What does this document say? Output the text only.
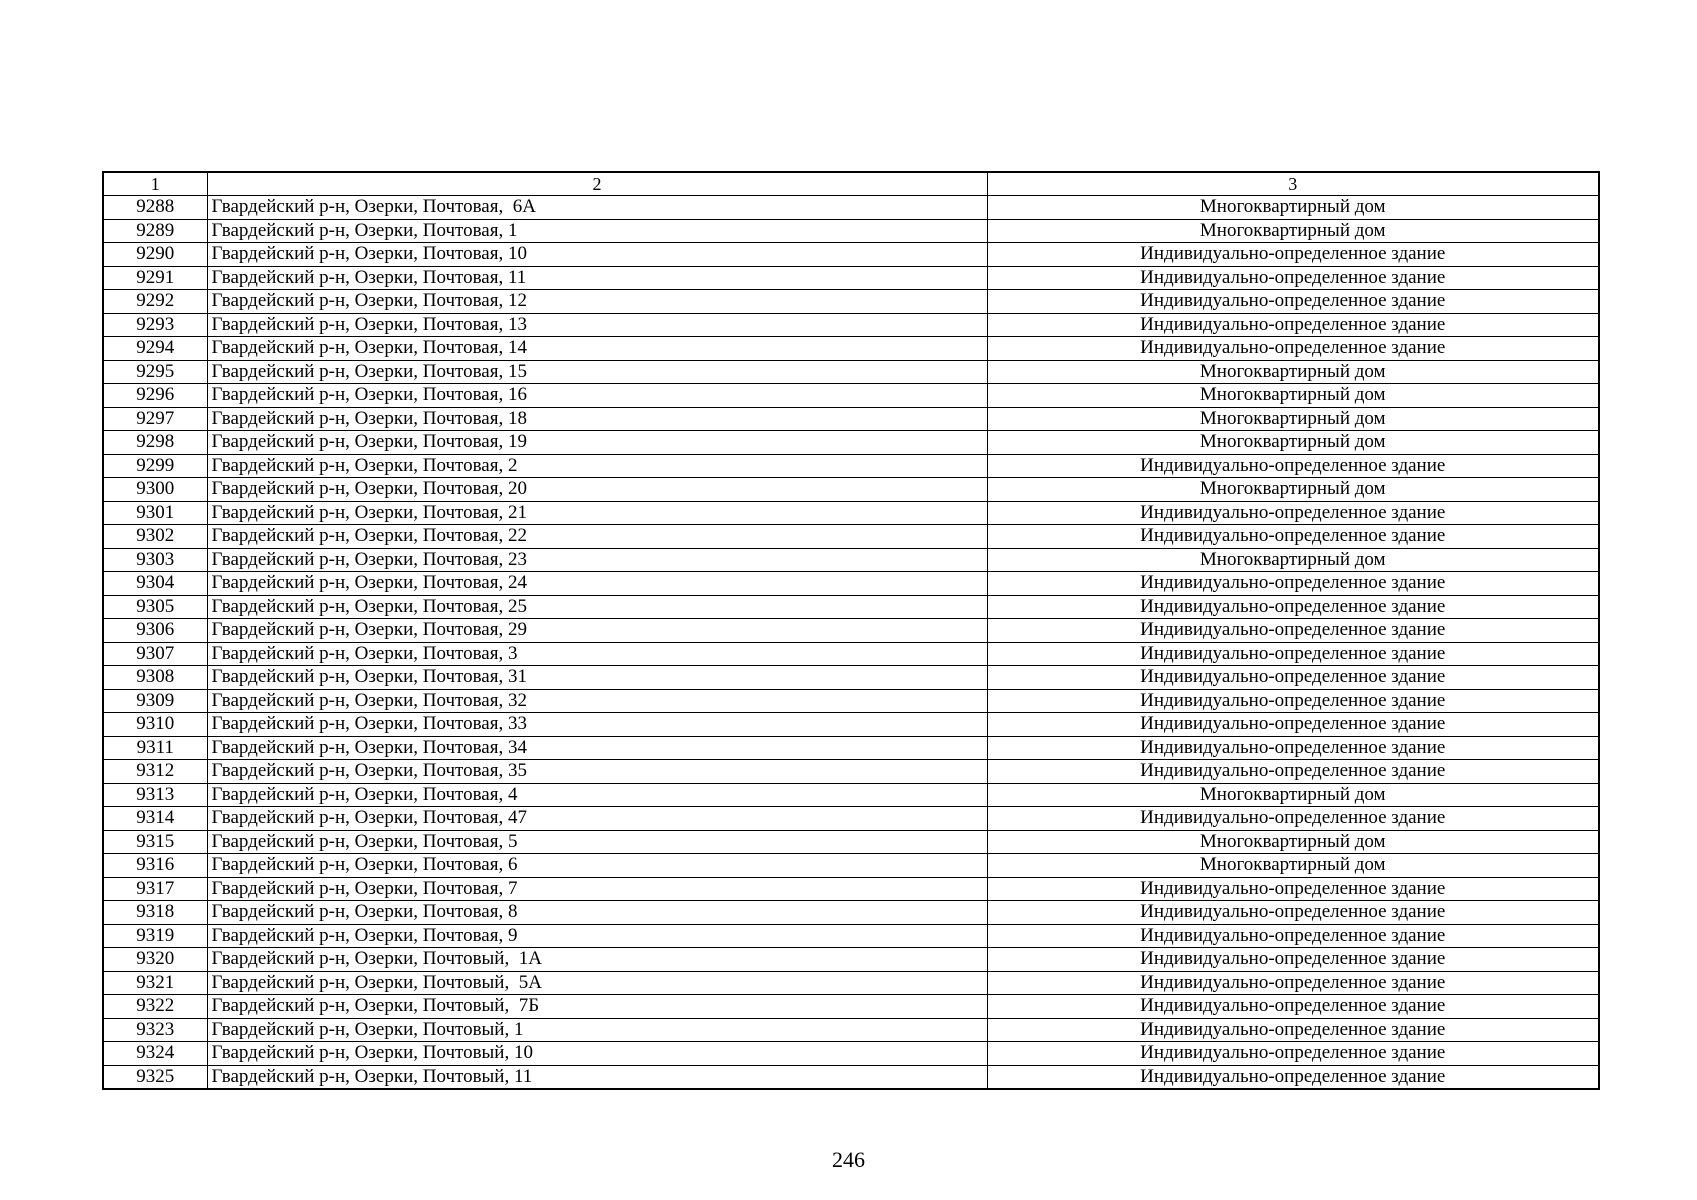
1	2	3
9288	Гвардейский р-н, Озерки, Почтовая,  6А	Многоквартирный дом
9289	Гвардейский р-н, Озерки, Почтовая, 1	Многоквартирный дом
9290	Гвардейский р-н, Озерки, Почтовая, 10	Индивидуально-определенное здание
9291	Гвардейский р-н, Озерки, Почтовая, 11	Индивидуально-определенное здание
9292	Гвардейский р-н, Озерки, Почтовая, 12	Индивидуально-определенное здание
9293	Гвардейский р-н, Озерки, Почтовая, 13	Индивидуально-определенное здание
9294	Гвардейский р-н, Озерки, Почтовая, 14	Индивидуально-определенное здание
9295	Гвардейский р-н, Озерки, Почтовая, 15	Многоквартирный дом
9296	Гвардейский р-н, Озерки, Почтовая, 16	Многоквартирный дом
9297	Гвардейский р-н, Озерки, Почтовая, 18	Многоквартирный дом
9298	Гвардейский р-н, Озерки, Почтовая, 19	Многоквартирный дом
9299	Гвардейский р-н, Озерки, Почтовая, 2	Индивидуально-определенное здание
9300	Гвардейский р-н, Озерки, Почтовая, 20	Многоквартирный дом
9301	Гвардейский р-н, Озерки, Почтовая, 21	Индивидуально-определенное здание
9302	Гвардейский р-н, Озерки, Почтовая, 22	Индивидуально-определенное здание
9303	Гвардейский р-н, Озерки, Почтовая, 23	Многоквартирный дом
9304	Гвардейский р-н, Озерки, Почтовая, 24	Индивидуально-определенное здание
9305	Гвардейский р-н, Озерки, Почтовая, 25	Индивидуально-определенное здание
9306	Гвардейский р-н, Озерки, Почтовая, 29	Индивидуально-определенное здание
9307	Гвардейский р-н, Озерки, Почтовая, 3	Индивидуально-определенное здание
9308	Гвардейский р-н, Озерки, Почтовая, 31	Индивидуально-определенное здание
9309	Гвардейский р-н, Озерки, Почтовая, 32	Индивидуально-определенное здание
9310	Гвардейский р-н, Озерки, Почтовая, 33	Индивидуально-определенное здание
9311	Гвардейский р-н, Озерки, Почтовая, 34	Индивидуально-определенное здание
9312	Гвардейский р-н, Озерки, Почтовая, 35	Индивидуально-определенное здание
9313	Гвардейский р-н, Озерки, Почтовая, 4	Многоквартирный дом
9314	Гвардейский р-н, Озерки, Почтовая, 47	Индивидуально-определенное здание
9315	Гвардейский р-н, Озерки, Почтовая, 5	Многоквартирный дом
9316	Гвардейский р-н, Озерки, Почтовая, 6	Многоквартирный дом
9317	Гвардейский р-н, Озерки, Почтовая, 7	Индивидуально-определенное здание
9318	Гвардейский р-н, Озерки, Почтовая, 8	Индивидуально-определенное здание
9319	Гвардейский р-н, Озерки, Почтовая, 9	Индивидуально-определенное здание
9320	Гвардейский р-н, Озерки, Почтовый,  1А	Индивидуально-определенное здание
9321	Гвардейский р-н, Озерки, Почтовый,  5А	Индивидуально-определенное здание
9322	Гвардейский р-н, Озерки, Почтовый,  7Б	Индивидуально-определенное здание
9323	Гвардейский р-н, Озерки, Почтовый, 1	Индивидуально-определенное здание
9324	Гвардейский р-н, Озерки, Почтовый, 10	Индивидуально-определенное здание
9325	Гвардейский р-н, Озерки, Почтовый, 11	Индивидуально-определенное здание
246
